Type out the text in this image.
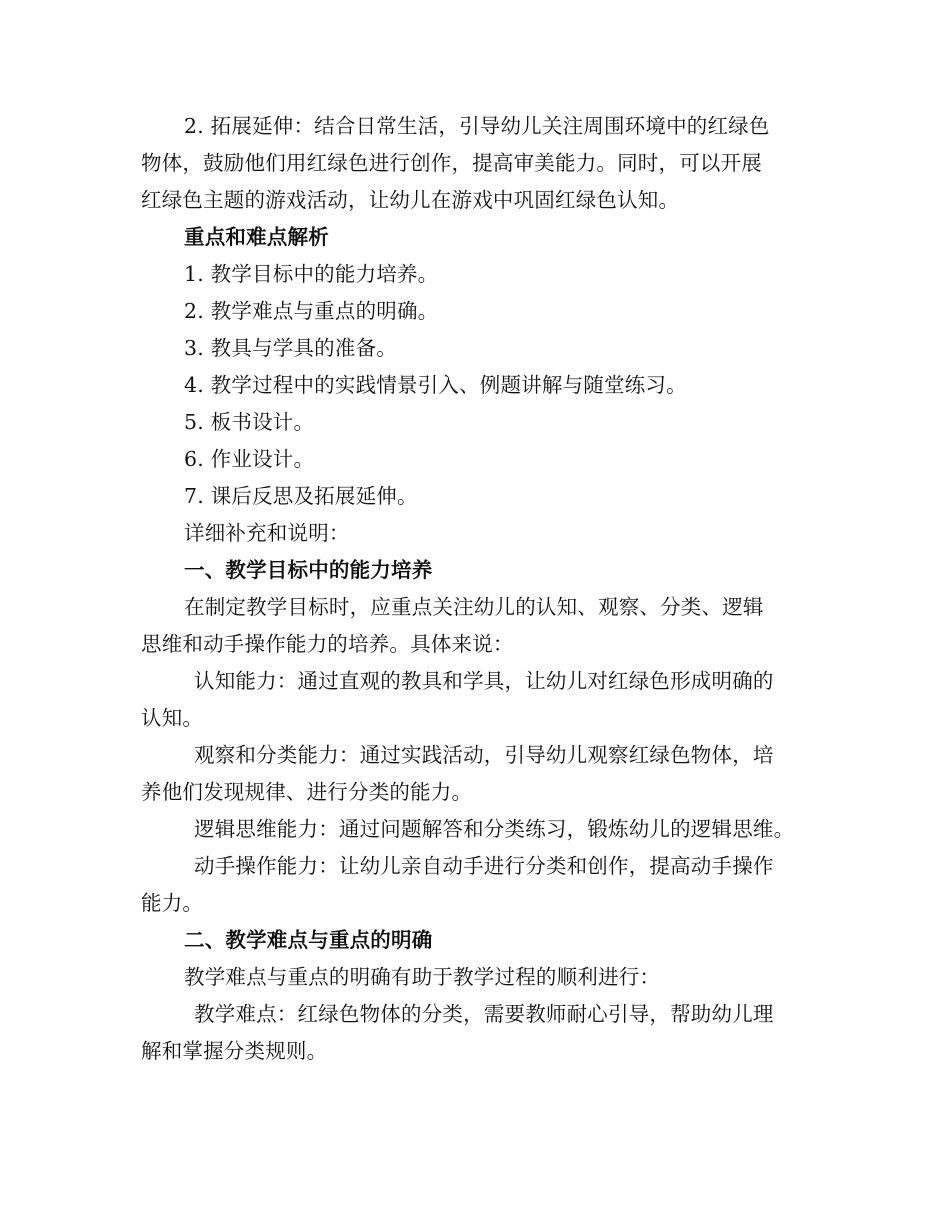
2. 拓展延伸：结合日常生活，引导幼儿关注周围环境中的红绿色
物体，鼓励他们用红绿色进行创作，提高审美能力。同时，可以开展
红绿色主题的游戏活动，让幼儿在游戏中巩固红绿色认知。
重点和难点解析
1. 教学目标中的能力培养。
2. 教学难点与重点的明确。
3. 教具与学具的准备。
4. 教学过程中的实践情景引入、例题讲解与随堂练习。
5. 板书设计。
6. 作业设计。
7. 课后反思及拓展延伸。
详细补充和说明：
一、教学目标中的能力培养
在制定教学目标时，应重点关注幼儿的认知、观察、分类、逻辑
思维和动手操作能力的培养。具体来说：
认知能力：通过直观的教具和学具，让幼儿对红绿色形成明确的
认知。
观察和分类能力：通过实践活动，引导幼儿观察红绿色物体，培
养他们发现规律、进行分类的能力。
逻辑思维能力：通过问题解答和分类练习，锻炼幼儿的逻辑思维。
动手操作能力：让幼儿亲自动手进行分类和创作，提高动手操作
能力。
二、教学难点与重点的明确
教学难点与重点的明确有助于教学过程的顺利进行：
教学难点：红绿色物体的分类，需要教师耐心引导，帮助幼儿理
解和掌握分类规则。
